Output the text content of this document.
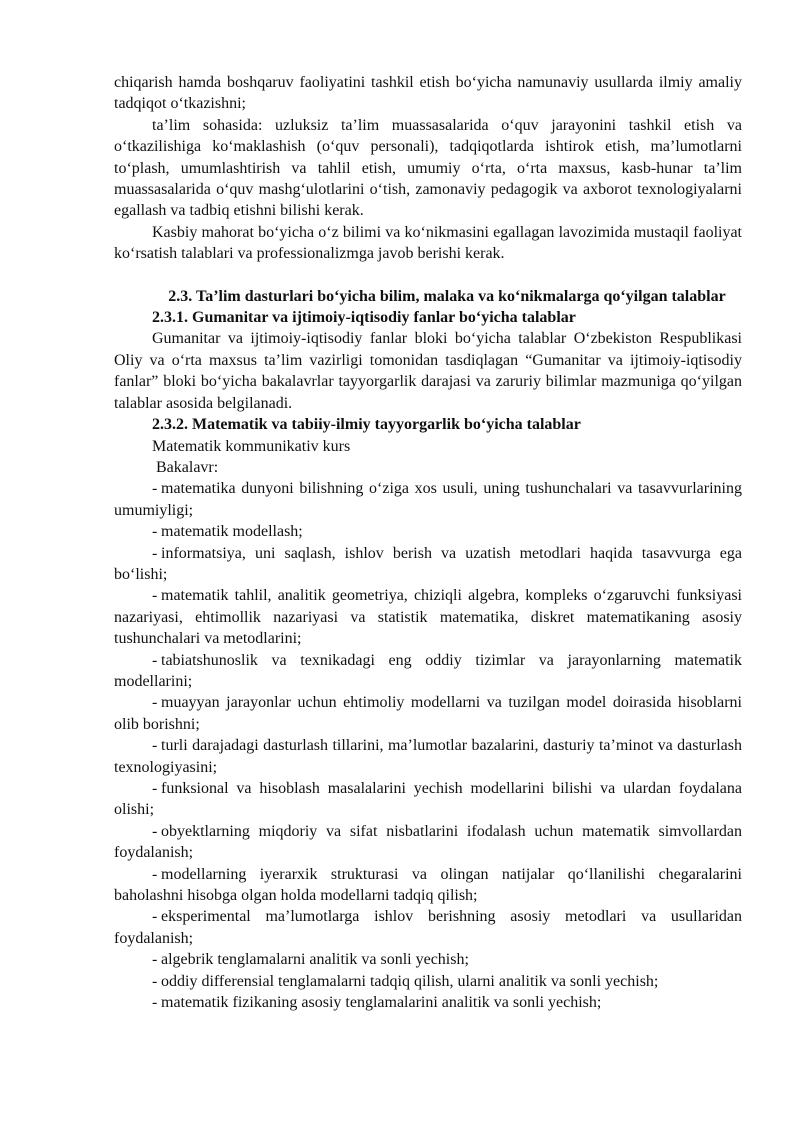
chiqarish hamda boshqaruv faoliyatini tashkil etish bo‘yicha namunaviy usullarda ilmiy amaliy tadqiqot o‘tkazishni;

ta’lim sohasida: uzluksiz ta’lim muassasalarida o‘quv jarayonini tashkil etish va o‘tkazilishiga ko‘maklashish (o‘quv personali), tadqiqotlarda ishtirok etish, ma’lumotlarni to‘plash, umumlashtirish va tahlil etish, umumiy o‘rta, o‘rta maxsus, kasb-hunar ta’lim muassasalarida o‘quv mashg‘ulotlarini o‘tish, zamonaviy pedagogik va axborot texnologiyalarni egallash va tadbiq etishni bilishi kerak.

Kasbiy mahorat bo‘yicha o‘z bilimi va ko‘nikmasini egallagan lavozimida mustaqil faoliyat ko‘rsatish talablari va professionalizmga javob berishi kerak.

2.3. Ta’lim dasturlari bo‘yicha bilim, malaka va ko‘nikmalarga qo‘yilgan talablar

2.3.1. Gumanitar va ijtimoiy-iqtisodiy fanlar bo‘yicha talablar

Gumanitar va ijtimoiy-iqtisodiy fanlar bloki bo‘yicha talablar O‘zbekiston Respublikasi Oliy va o‘rta maxsus ta’lim vazirligi tomonidan tasdiqlagan “Gumanitar va ijtimoiy-iqtisodiy fanlar” bloki bo‘yicha bakalavrlar tayyorgarlik darajasi va zaruriy bilimlar mazmuniga qo‘yilgan talablar asosida belgilanadi.

2.3.2. Matematik va tabiiy-ilmiy tayyorgarlik bo‘yicha talablar

Matematik kommunikativ kurs

Bakalavr:

- matematika dunyoni bilishning o‘ziga xos usuli, uning tushunchalari va tasavvurlarining umumiyligi;
- matematik modellash;
- informatsiya, uni saqlash, ishlov berish va uzatish metodlari haqida tasavvurga ega bo‘lishi;
- matematik tahlil, analitik geometriya, chiziqli algebra, kompleks o‘zgaruvchi funksiyasi nazariyasi, ehtimollik nazariyasi va statistik matematika, diskret matematikaning asosiy tushunchalari va metodlarini;
- tabiatshunoslik va texnikadagi eng oddiy tizimlar va jarayonlarning matematik modellarini;
- muayyan jarayonlar uchun ehtimoliy modellarni va tuzilgan model doirasida hisoblarni olib borishni;
- turli darajadagi dasturlash tillarini, ma’lumotlar bazalarini, dasturiy ta’minot va dasturlash texnologiyasini;
- funksional va hisoblash masalalarini yechish modellarini bilishi va ulardan foydalana olishi;
- obyektlarning miqdoriy va sifat nisbatlarini ifodalash uchun matematik simvollardan foydalanish;
- modellarning iyerarxik strukturasi va olingan natijalar qo‘llanilishi chegaralarini baholashni hisobga olgan holda modellarni tadqiq qilish;
- eksperimental ma’lumotlarga ishlov berishning asosiy metodlari va usullaridan foydalanish;
- algebrik tenglamalarni analitik va sonli yechish;
- oddiy differensial tenglamalarni tadqiq qilish, ularni analitik va sonli yechish;
- matematik fizikaning asosiy tenglamalarini analitik va sonli yechish;
